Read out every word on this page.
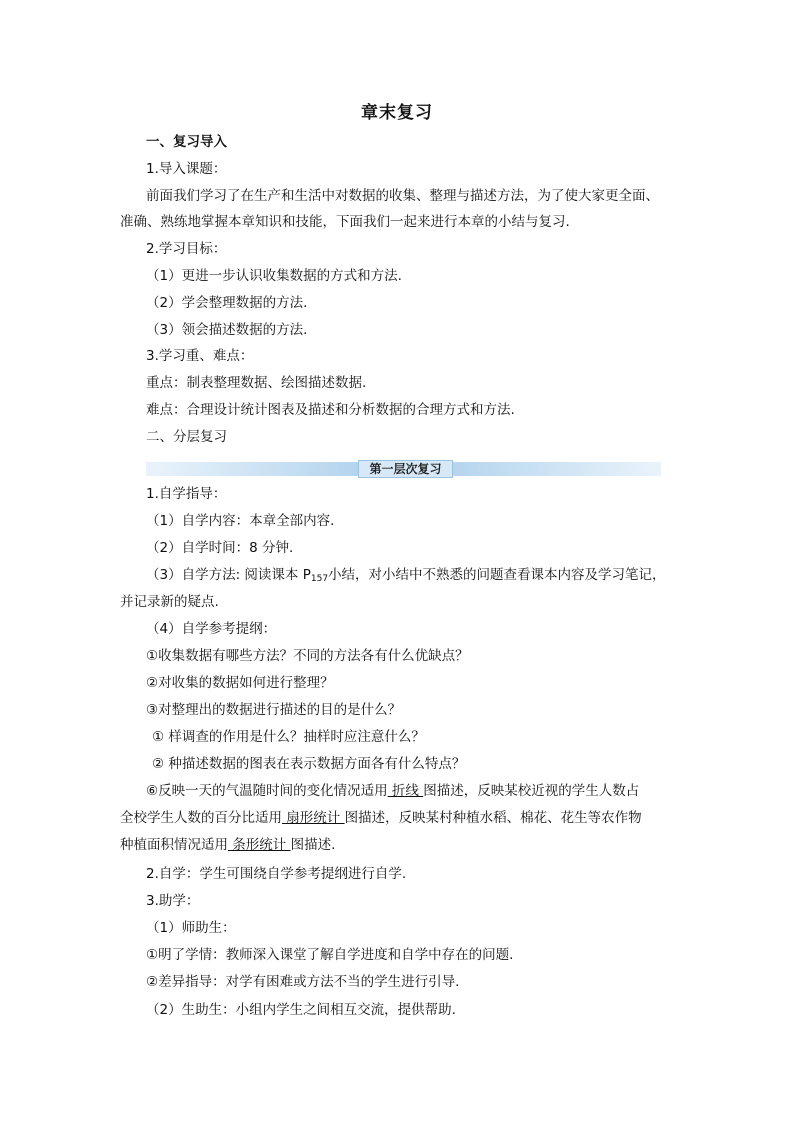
章末复习
一、复习导入
1.导入课题：
前面我们学习了在生产和生活中对数据的收集、整理与描述方法，为了使大家更全面、
准确、熟练地掌握本章知识和技能，下面我们一起来进行本章的小结与复习.
2.学习目标：
（1）更进一步认识收集数据的方式和方法.
（2）学会整理数据的方法.
（3）领会描述数据的方法.
3.学习重、难点：
重点：制表整理数据、绘图描述数据.
难点：合理设计统计图表及描述和分析数据的合理方式和方法.
二、分层复习
第一层次复习
1.自学指导：
（1）自学内容：本章全部内容.
（2）自学时间：8 分钟.
（3）自学方法: 阅读课本 $P_{157}$小结，对小结中不熟悉的问题查看课本内容及学习笔记，
并记录新的疑点.
（4）自学参考提纲：
①收集数据有哪些方法？不同的方法各有什么优缺点？
②对收集的数据如何进行整理？
③对整理出的数据进行描述的目的是什么？
① 样调查的作用是什么？抽样时应注意什么？
② 种描述数据的图表在表示数据方面各有什么特点？
⑥反映一天的气温随时间的变化情况适用 折线 图描述，反映某校近视的学生人数占
全校学生人数的百分比适用 扇形统计 图描述，反映某村种植水稻、棉花、花生等农作物
种植面积情况适用 条形统计 图描述.
2.自学：学生可围绕自学参考提纲进行自学.
3.助学：
（1）师助生：
①明了学情：教师深入课堂了解自学进度和自学中存在的问题.
②差异指导：对学有困难或方法不当的学生进行引导.
（2）生助生：小组内学生之间相互交流，提供帮助.
